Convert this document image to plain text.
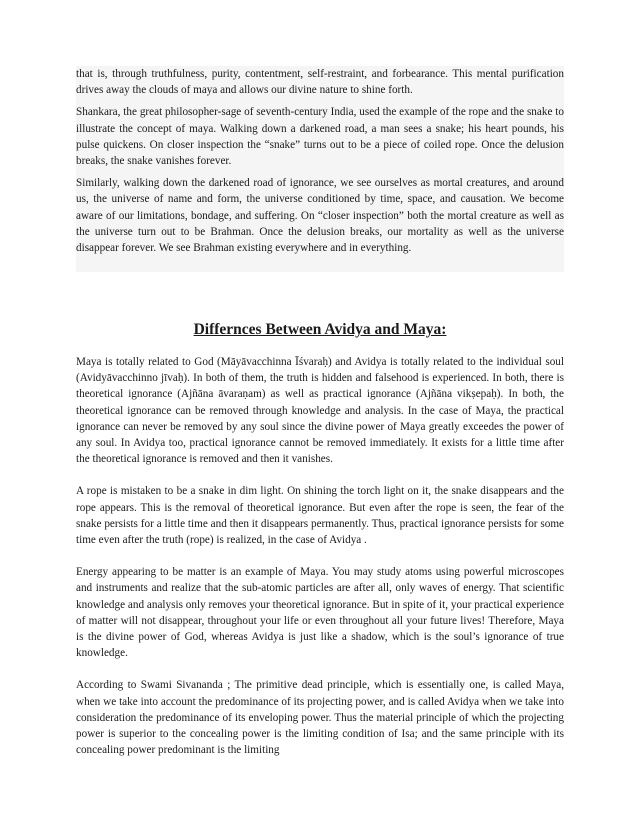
that is, through truthfulness, purity, contentment, self-restraint, and forbearance. This mental purification drives away the clouds of maya and allows our divine nature to shine forth.

Shankara, the great philosopher-sage of seventh-century India, used the example of the rope and the snake to illustrate the concept of maya. Walking down a darkened road, a man sees a snake; his heart pounds, his pulse quickens. On closer inspection the “snake” turns out to be a piece of coiled rope. Once the delusion breaks, the snake vanishes forever.

Similarly, walking down the darkened road of ignorance, we see ourselves as mortal creatures, and around us, the universe of name and form, the universe conditioned by time, space, and causation. We become aware of our limitations, bondage, and suffering. On “closer inspection” both the mortal creature as well as the universe turn out to be Brahman. Once the delusion breaks, our mortality as well as the universe disappear forever. We see Brahman existing everywhere and in everything.

Differnces Between Avidya and Maya:

Maya is totally related to God (Māyāvacchinna Īśvaraḥ) and Avidya is totally related to the individual soul (Avidyāvacchinno jīvaḥ). In both of them, the truth is hidden and falsehood is experienced. In both, there is theoretical ignorance (Ajñāna āvaraṇam) as well as practical ignorance (Ajñāna vikṣepaḥ). In both, the theoretical ignorance can be removed through knowledge and analysis. In the case of Maya, the practical ignorance can never be removed by any soul since the divine power of Maya greatly exceedes the power of any soul. In Avidya too, practical ignorance cannot be removed immediately. It exists for a little time after the theoretical ignorance is removed and then it vanishes.

A rope is mistaken to be a snake in dim light. On shining the torch light on it, the snake disappears and the rope appears. This is the removal of theoretical ignorance. But even after the rope is seen, the fear of the snake persists for a little time and then it disappears permanently. Thus, practical ignorance persists for some time even after the truth (rope) is realized, in the case of Avidya .

Energy appearing to be matter is an example of Maya. You may study atoms using powerful microscopes and instruments and realize that the sub-atomic particles are after all, only waves of energy. That scientific knowledge and analysis only removes your theoretical ignorance. But in spite of it, your practical experience of matter will not disappear, throughout your life or even throughout all your future lives! Therefore, Maya is the divine power of God, whereas Avidya is just like a shadow, which is the soul’s ignorance of true knowledge.

According to Swami Sivananda ; The primitive dead principle, which is essentially one, is called Maya, when we take into account the predominance of its projecting power, and is called Avidya when we take into consideration the predominance of its enveloping power. Thus the material principle of which the projecting power is superior to the concealing power is the limiting condition of Isa; and the same principle with its concealing power predominant is the limiting
